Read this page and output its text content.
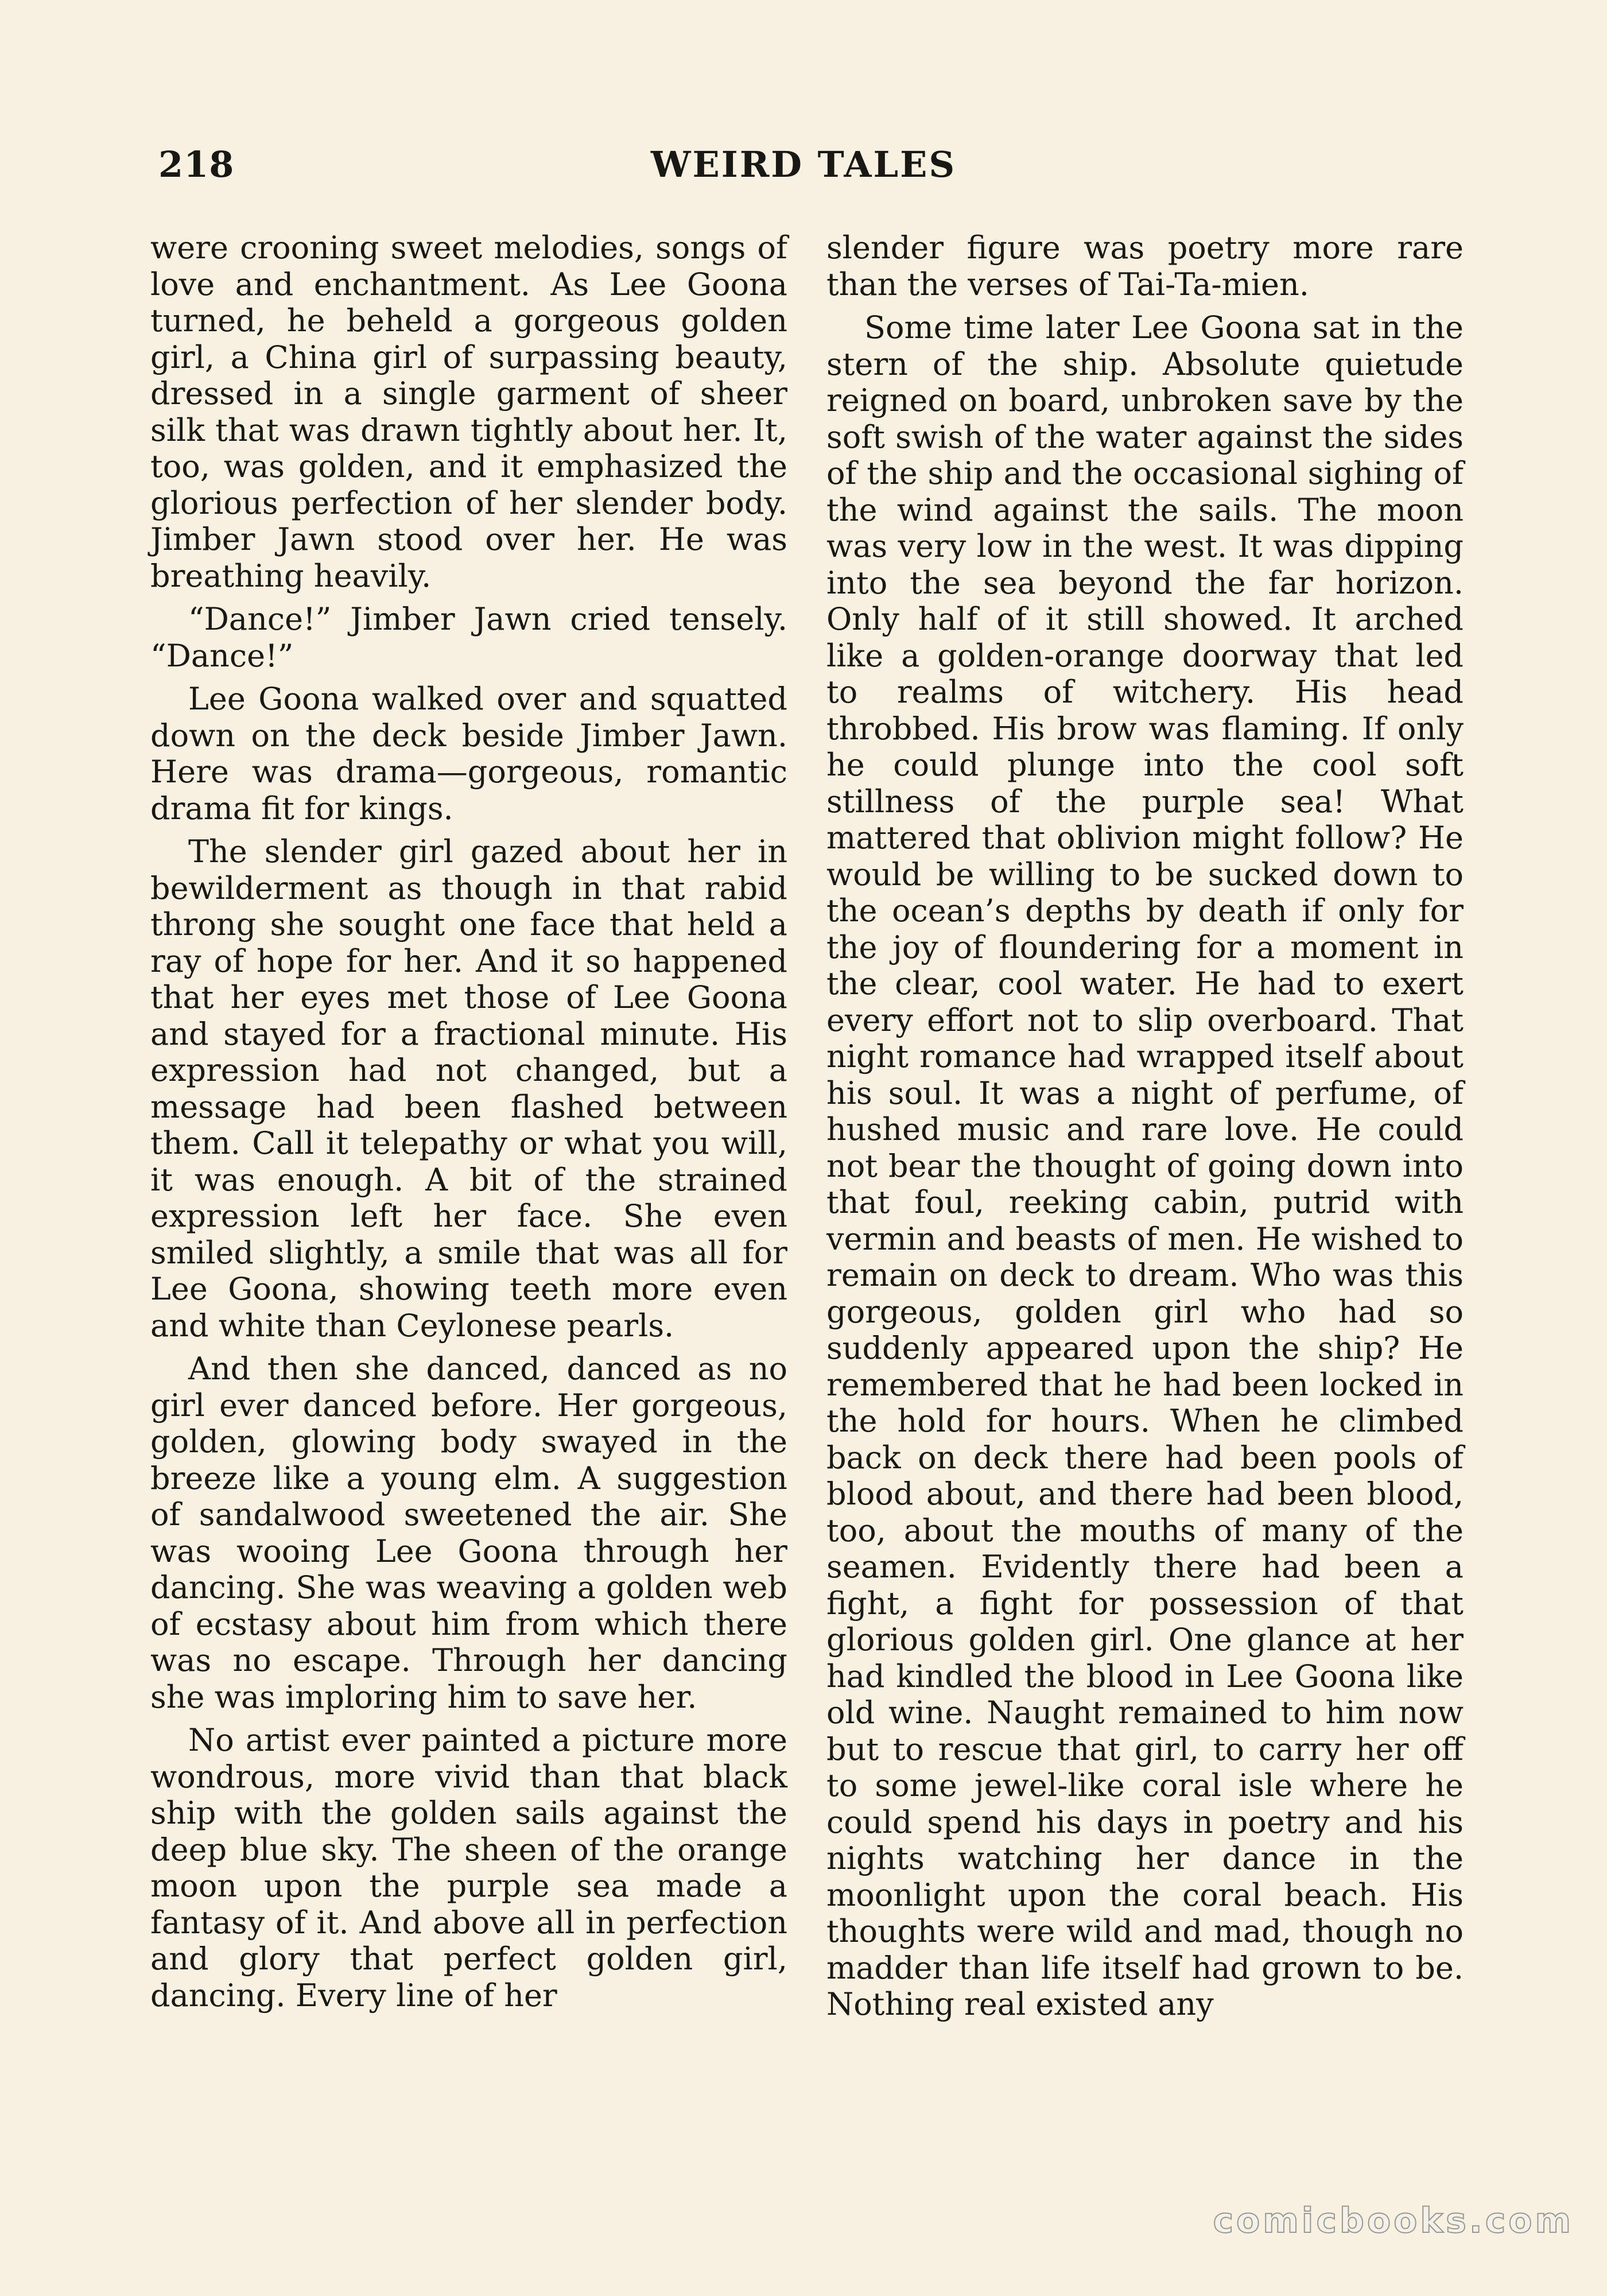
218	WEIRD TALES

were crooning sweet melodies, songs of love and enchantment. As Lee Goona turned, he beheld a gorgeous golden girl, a China girl of surpassing beauty, dressed in a single garment of sheer silk that was drawn tightly about her. It, too, was golden, and it emphasized the glorious perfection of her slender body. Jimber Jawn stood over her. He was breathing heavily.

“Dance!” Jimber Jawn cried tensely. “Dance!”

Lee Goona walked over and squatted down on the deck beside Jimber Jawn. Here was drama—gorgeous, romantic drama fit for kings.

The slender girl gazed about her in bewilderment as though in that rabid throng she sought one face that held a ray of hope for her. And it so happened that her eyes met those of Lee Goona and stayed for a fractional minute. His expression had not changed, but a message had been flashed between them. Call it telepathy or what you will, it was enough. A bit of the strained expression left her face. She even smiled slightly, a smile that was all for Lee Goona, showing teeth more even and white than Ceylonese pearls.

And then she danced, danced as no girl ever danced before. Her gorgeous, golden, glowing body swayed in the breeze like a young elm. A suggestion of sandalwood sweetened the air. She was wooing Lee Goona through her dancing. She was weaving a golden web of ecstasy about him from which there was no escape. Through her dancing she was imploring him to save her.

No artist ever painted a picture more wondrous, more vivid than that black ship with the golden sails against the deep blue sky. The sheen of the orange moon upon the purple sea made a fantasy of it. And above all in perfection and glory that perfect golden girl, dancing. Every line of her

slender figure was poetry more rare than the verses of Tai-Ta-mien.

Some time later Lee Goona sat in the stern of the ship. Absolute quietude reigned on board, unbroken save by the soft swish of the water against the sides of the ship and the occasional sighing of the wind against the sails. The moon was very low in the west. It was dipping into the sea beyond the far horizon. Only half of it still showed. It arched like a golden-orange doorway that led to realms of witchery. His head throbbed. His brow was flaming. If only he could plunge into the cool soft stillness of the purple sea! What mattered that oblivion might follow? He would be willing to be sucked down to the ocean’s depths by death if only for the joy of floundering for a moment in the clear, cool water. He had to exert every effort not to slip overboard. That night romance had wrapped itself about his soul. It was a night of perfume, of hushed music and rare love. He could not bear the thought of going down into that foul, reeking cabin, putrid with vermin and beasts of men. He wished to remain on deck to dream. Who was this gorgeous, golden girl who had so suddenly appeared upon the ship? He remembered that he had been locked in the hold for hours. When he climbed back on deck there had been pools of blood about, and there had been blood, too, about the mouths of many of the seamen. Evidently there had been a fight, a fight for possession of that glorious golden girl. One glance at her had kindled the blood in Lee Goona like old wine. Naught remained to him now but to rescue that girl, to carry her off to some jewel-like coral isle where he could spend his days in poetry and his nights watching her dance in the moonlight upon the coral beach. His thoughts were wild and mad, though no madder than life itself had grown to be. Nothing real existed any

comicbooks.com
